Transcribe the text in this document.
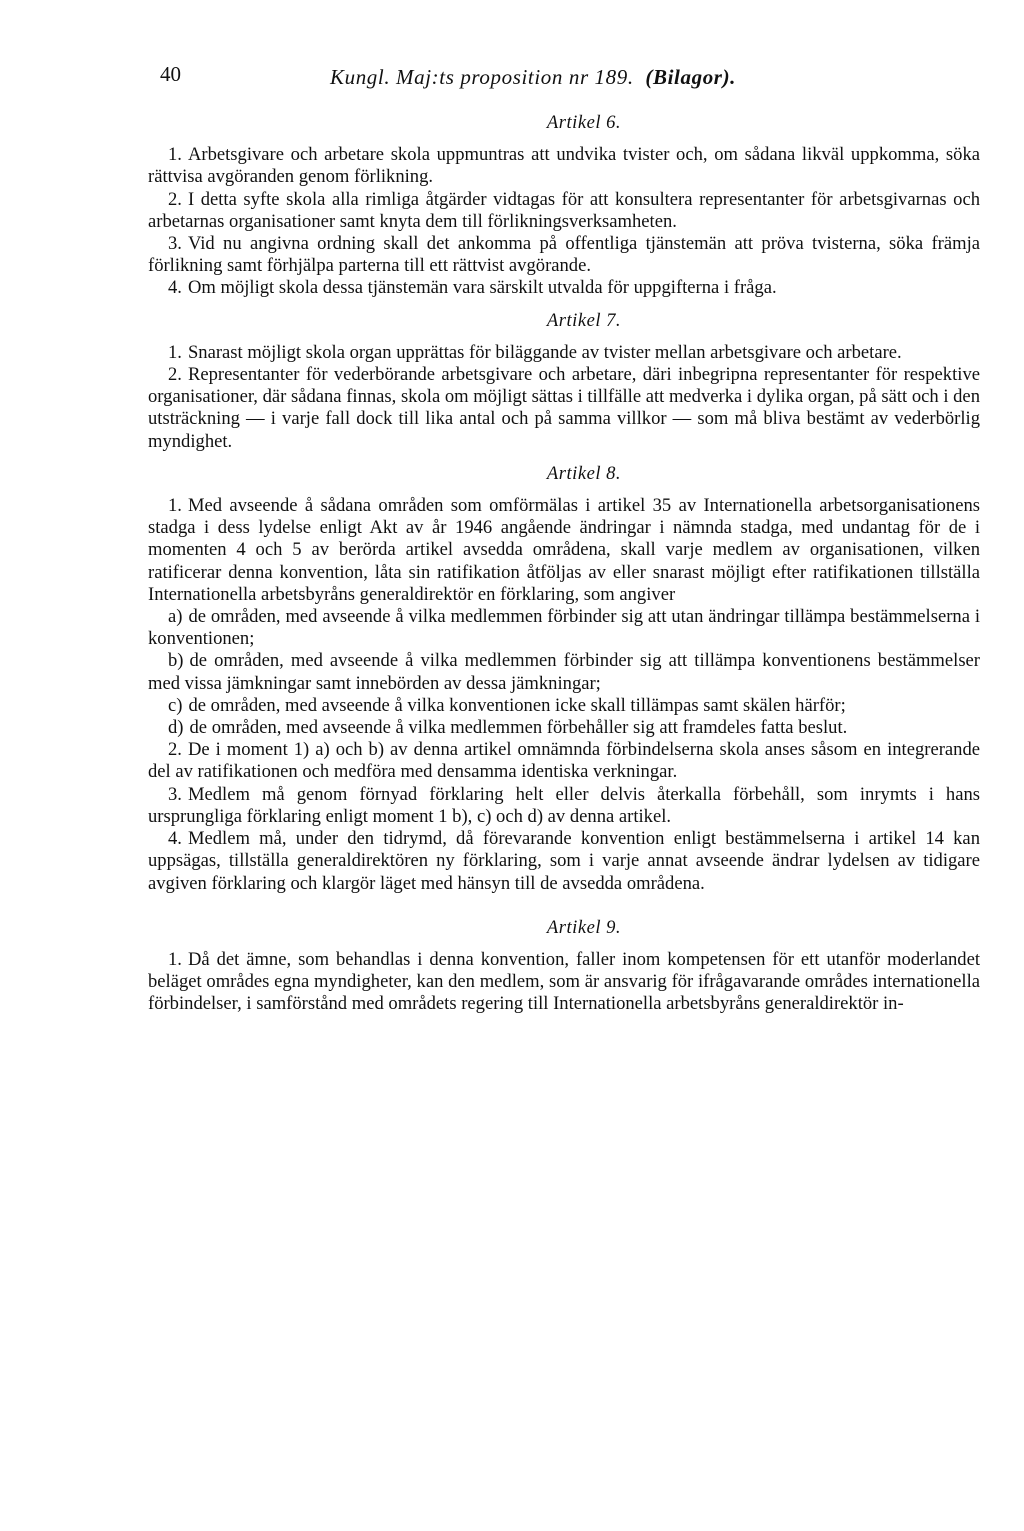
40	Kungl. Maj:ts proposition nr 189. (Bilagor).
Artikel 6.

1. Arbetsgivare och arbetare skola uppmuntras att undvika tvister och, om sådana likväl uppkomma, söka rättvisa avgöranden genom förlikning.

2. I detta syfte skola alla rimliga åtgärder vidtagas för att konsultera representanter för arbetsgivarnas och arbetarnas organisationer samt knyta dem till förlikningsverksamheten.

3. Vid nu angivna ordning skall det ankomma på offentliga tjänstemän att pröva tvisterna, söka främja förlikning samt förhjälpa parterna till ett rättvist avgörande.

4. Om möjligt skola dessa tjänstemän vara särskilt utvalda för uppgifterna i fråga.

Artikel 7.

1. Snarast möjligt skola organ upprättas för biläggande av tvister mellan arbetsgivare och arbetare.

2. Representanter för vederbörande arbetsgivare och arbetare, däri inbegripna representanter för respektive organisationer, där sådana finnas, skola om möjligt sättas i tillfälle att medverka i dylika organ, på sätt och i den utsträckning — i varje fall dock till lika antal och på samma villkor — som må bliva bestämt av vederbörlig myndighet.

Artikel 8.

1. Med avseende å sådana områden som omförmälas i artikel 35 av Internationella arbetsorganisationens stadga i dess lydelse enligt Akt av år 1946 angående ändringar i nämnda stadga, med undantag för de i momenten 4 och 5 av berörda artikel avsedda områdena, skall varje medlem av organisationen, vilken ratificerar denna konvention, låta sin ratifikation åtföljas av eller snarast möjligt efter ratifikationen tillställa Internationella arbetsbyråns generaldirektör en förklaring, som angiver

a) de områden, med avseende å vilka medlemmen förbinder sig att utan ändringar tillämpa bestämmelserna i konventionen;

b) de områden, med avseende å vilka medlemmen förbinder sig att tillämpa konventionens bestämmelser med vissa jämkningar samt innebörden av dessa jämkningar;

c) de områden, med avseende å vilka konventionen icke skall tillämpas samt skälen härför;

d) de områden, med avseende å vilka medlemmen förbehåller sig att framdeles fatta beslut.

2. De i moment 1) a) och b) av denna artikel omnämnda förbindelserna skola anses såsom en integrerande del av ratifikationen och medföra med densamma identiska verkningar.

3. Medlem må genom förnyad förklaring helt eller delvis återkalla förbehåll, som inrymts i hans ursprungliga förklaring enligt moment 1 b), c) och d) av denna artikel.

4. Medlem må, under den tidrymd, då förevarande konvention enligt bestämmelserna i artikel 14 kan uppsägas, tillställa generaldirektören ny förklaring, som i varje annat avseende ändrar lydelsen av tidigare avgiven förklaring och klargör läget med hänsyn till de avsedda områdena.

Artikel 9.

1. Då det ämne, som behandlas i denna konvention, faller inom kompetensen för ett utanför moderlandet beläget områdes egna myndigheter, kan den medlem, som är ansvarig för ifrågavarande områdes internationella förbindelser, i samförstånd med områdets regering till Internationella arbetsbyråns generaldirektör in-
